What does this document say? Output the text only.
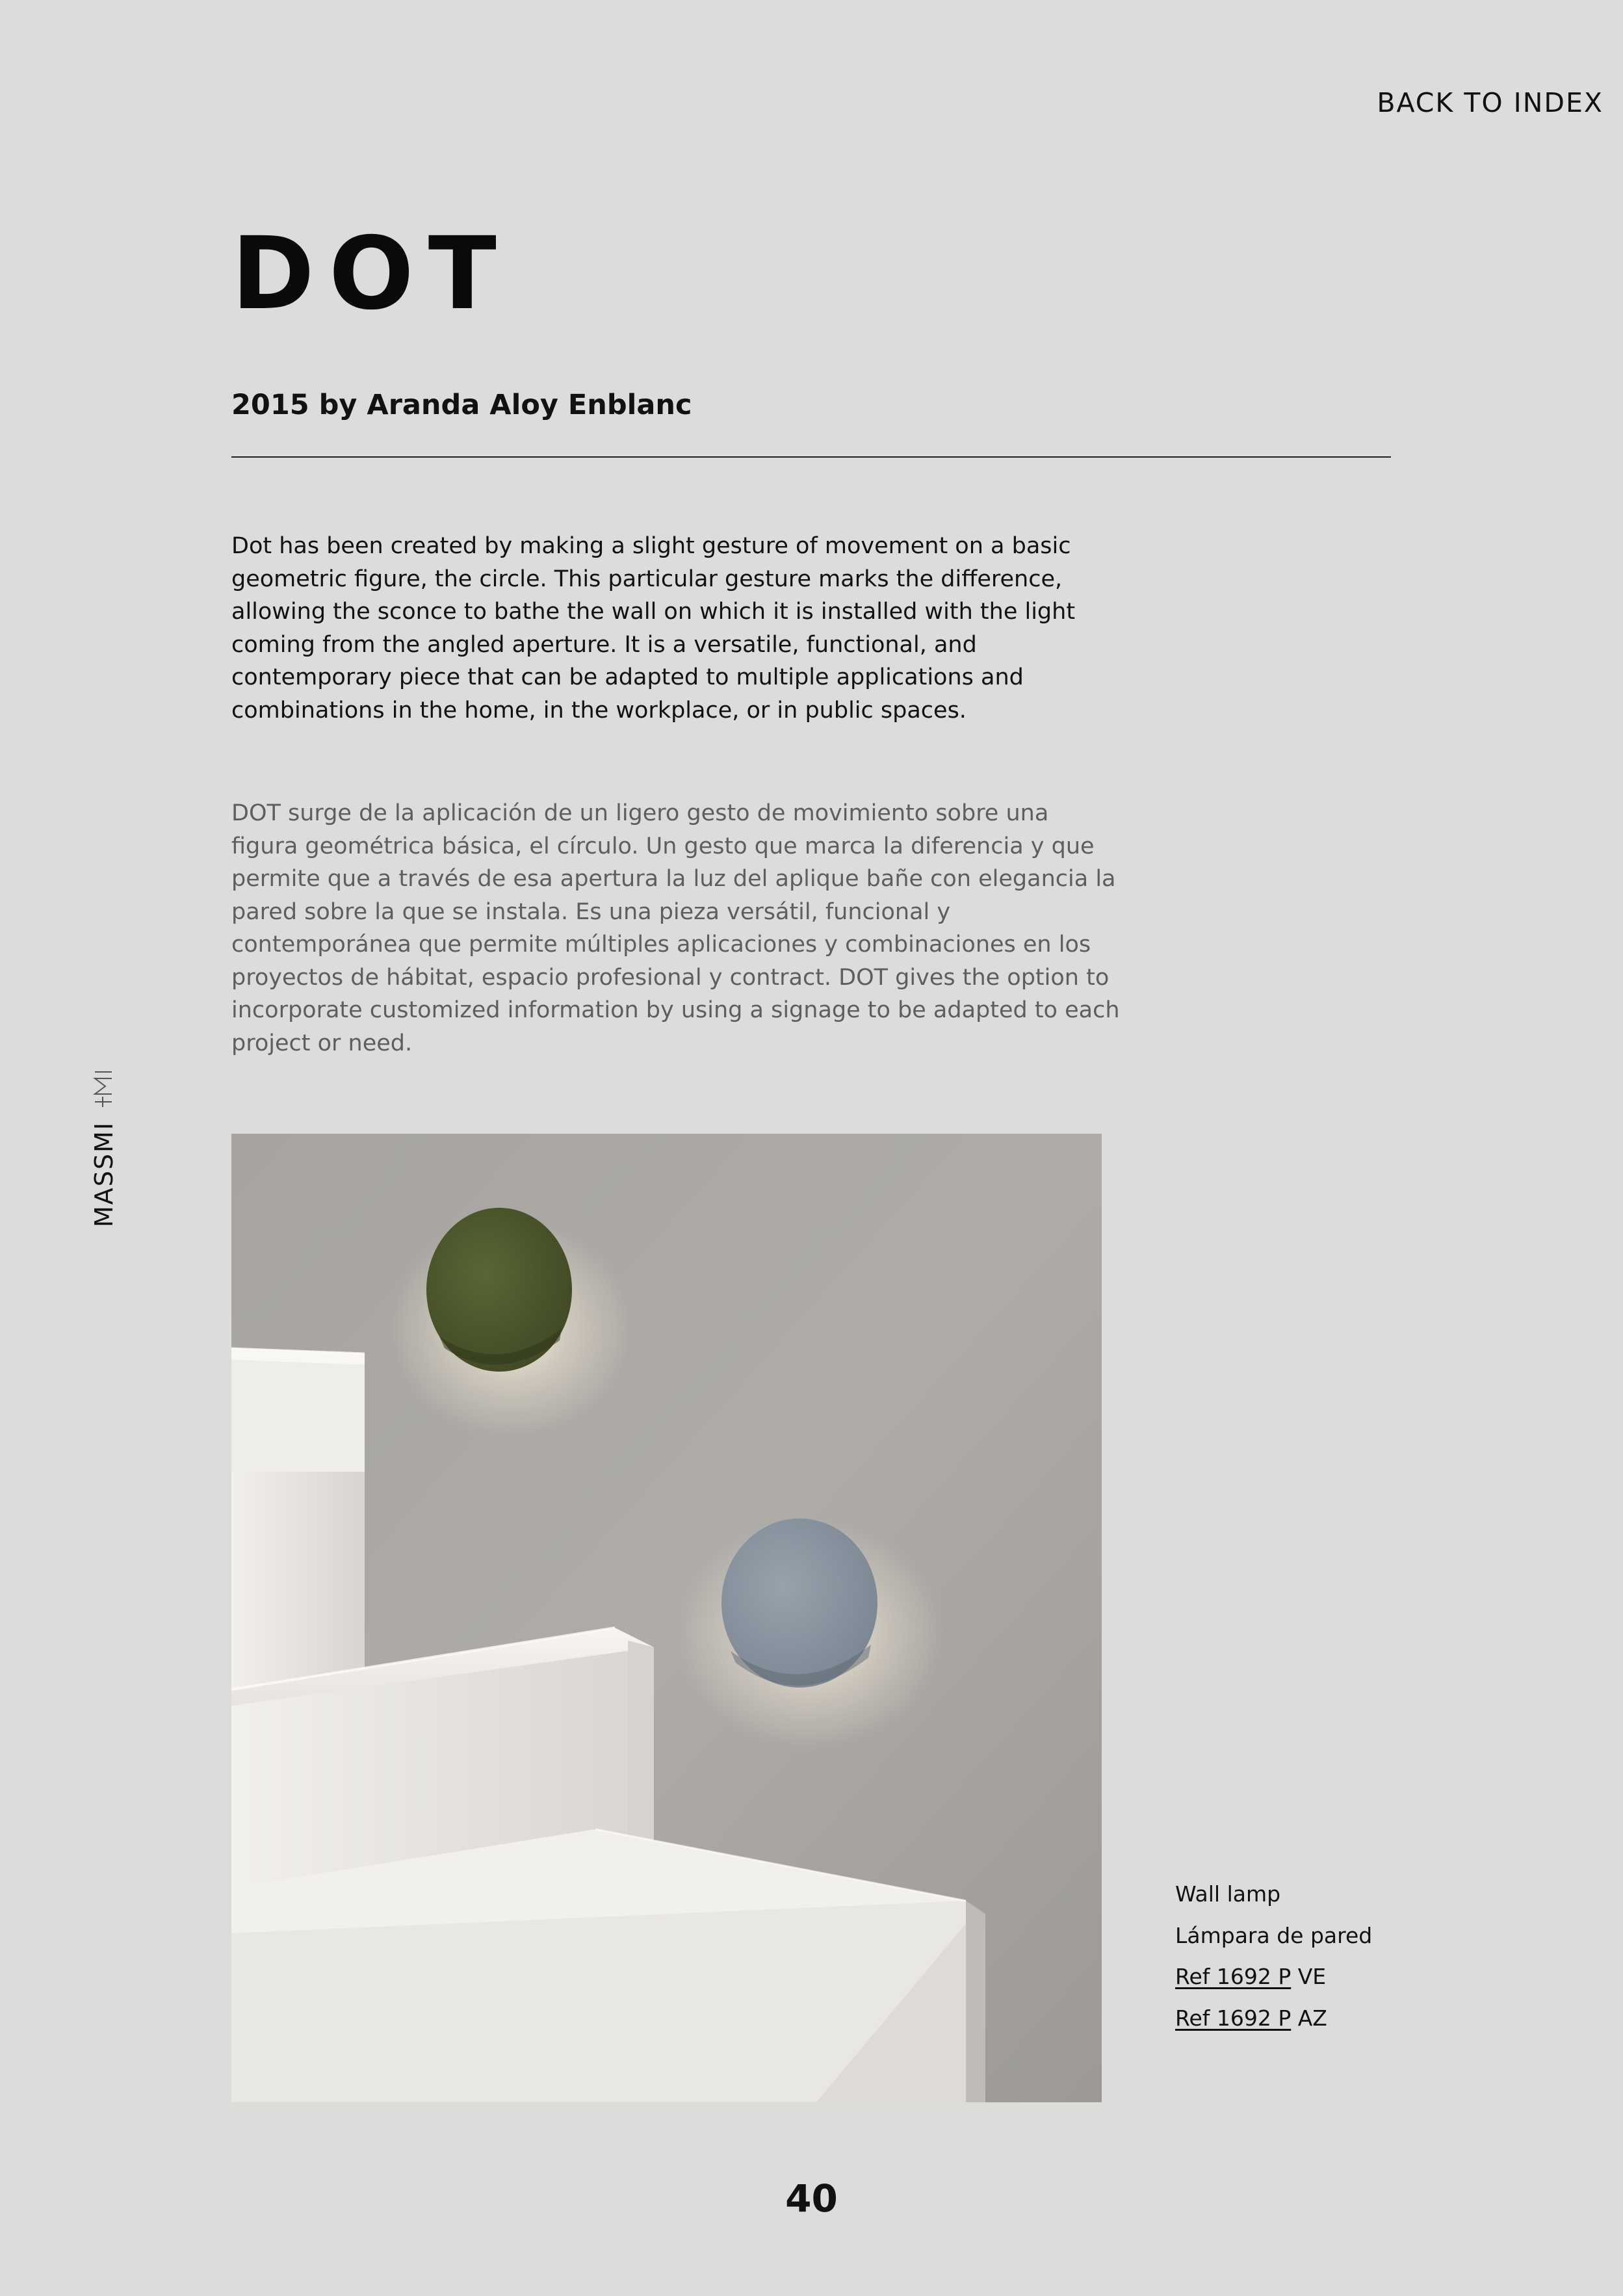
BACK TO INDEX
DOT
2015 by Aranda Aloy Enblanc

Dot has been created by making a slight gesture of movement on a basic geometric figure, the circle. This particular gesture marks the difference, allowing the sconce to bathe the wall on which it is installed with the light coming from the angled aperture. It is a versatile, functional, and contemporary piece that can be adapted to multiple applications and combinations in the home, in the workplace, or in public spaces.

DOT surge de la aplicación de un ligero gesto de movimiento sobre una figura geométrica básica, el círculo. Un gesto que marca la diferencia y que permite que a través de esa apertura la luz del aplique bañe con elegancia la pared sobre la que se instala. Es una pieza versátil, funcional y contemporánea que permite múltiples aplicaciones y combinaciones en los proyectos de hábitat, espacio profesional y contract. DOT gives the option to incorporate customized information by using a signage to be adapted to each project or need.

MASSMI
Wall lamp
Lámpara de pared
Ref 1692 P VE
Ref 1692 P AZ
40
